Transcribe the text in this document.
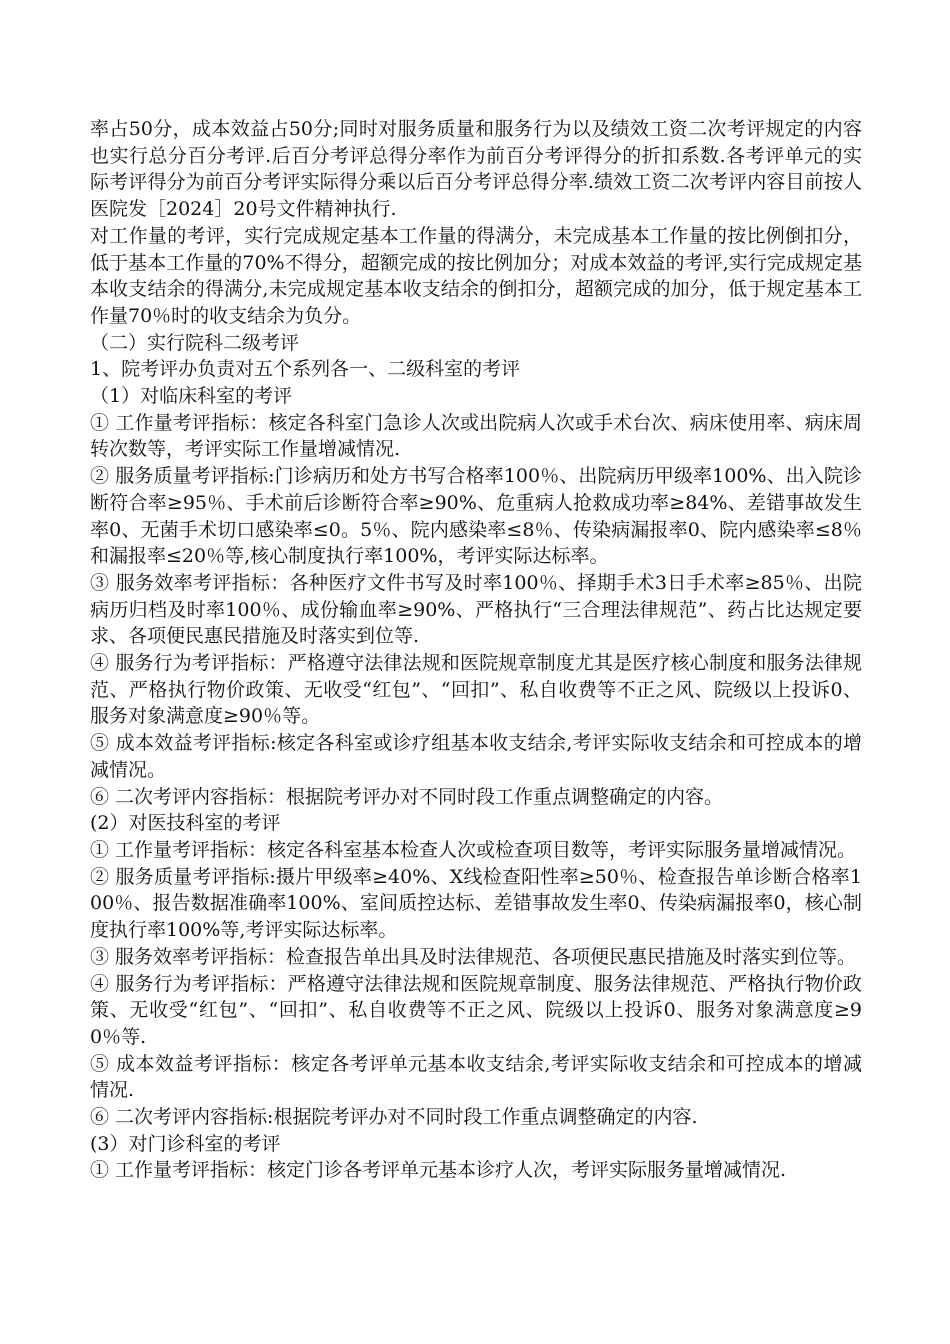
率占50分，成本效益占50分;同时对服务质量和服务行为以及绩效工资二次考评规定的内容也实行总分百分考评.后百分考评总得分率作为前百分考评得分的折扣系数.各考评单元的实际考评得分为前百分考评实际得分乘以后百分考评总得分率.绩效工资二次考评内容目前按人医院发［2024］20号文件精神执行.

对工作量的考评，实行完成规定基本工作量的得满分，未完成基本工作量的按比例倒扣分，低于基本工作量的70%不得分，超额完成的按比例加分；对成本效益的考评,实行完成规定基本收支结余的得满分,未完成规定基本收支结余的倒扣分，超额完成的加分，低于规定基本工作量70％时的收支结余为负分。

（二）实行院科二级考评

1、院考评办负责对五个系列各一、二级科室的考评

（1）对临床科室的考评

① 工作量考评指标：核定各科室门急诊人次或出院病人次或手术台次、病床使用率、病床周转次数等，考评实际工作量增减情况.

② 服务质量考评指标:门诊病历和处方书写合格率100％、出院病历甲级率100%、出入院诊断符合率≥95％、手术前后诊断符合率≥90%、危重病人抢救成功率≥84%、差错事故发生率0、无菌手术切口感染率≤0。5％、院内感染率≤8％、传染病漏报率0、院内感染率≤8％和漏报率≤20％等,核心制度执行率100%，考评实际达标率。

③ 服务效率考评指标：各种医疗文件书写及时率100％、择期手术3日手术率≥85％、出院病历归档及时率100％、成份输血率≥90%、严格执行“三合理法律规范”、药占比达规定要求、各项便民惠民措施及时落实到位等.

④ 服务行为考评指标：严格遵守法律法规和医院规章制度尤其是医疗核心制度和服务法律规范、严格执行物价政策、无收受“红包”、“回扣”、私自收费等不正之风、院级以上投诉0、服务对象满意度≥90％等。

⑤ 成本效益考评指标:核定各科室或诊疗组基本收支结余,考评实际收支结余和可控成本的增减情况。

⑥ 二次考评内容指标：根据院考评办对不同时段工作重点调整确定的内容。

(2）对医技科室的考评

① 工作量考评指标：核定各科室基本检查人次或检查项目数等，考评实际服务量增减情况。

② 服务质量考评指标:摄片甲级率≥40%、X线检查阳性率≥50％、检查报告单诊断合格率100％、报告数据准确率100%、室间质控达标、差错事故发生率0、传染病漏报率0，核心制度执行率100%等,考评实际达标率。

③ 服务效率考评指标：检查报告单出具及时法律规范、各项便民惠民措施及时落实到位等。

④ 服务行为考评指标：严格遵守法律法规和医院规章制度、服务法律规范、严格执行物价政策、无收受“红包”、“回扣”、私自收费等不正之风、院级以上投诉0、服务对象满意度≥90％等.

⑤ 成本效益考评指标：核定各考评单元基本收支结余,考评实际收支结余和可控成本的增减情况.

⑥ 二次考评内容指标:根据院考评办对不同时段工作重点调整确定的内容.

(3）对门诊科室的考评

① 工作量考评指标：核定门诊各考评单元基本诊疗人次，考评实际服务量增减情况.
